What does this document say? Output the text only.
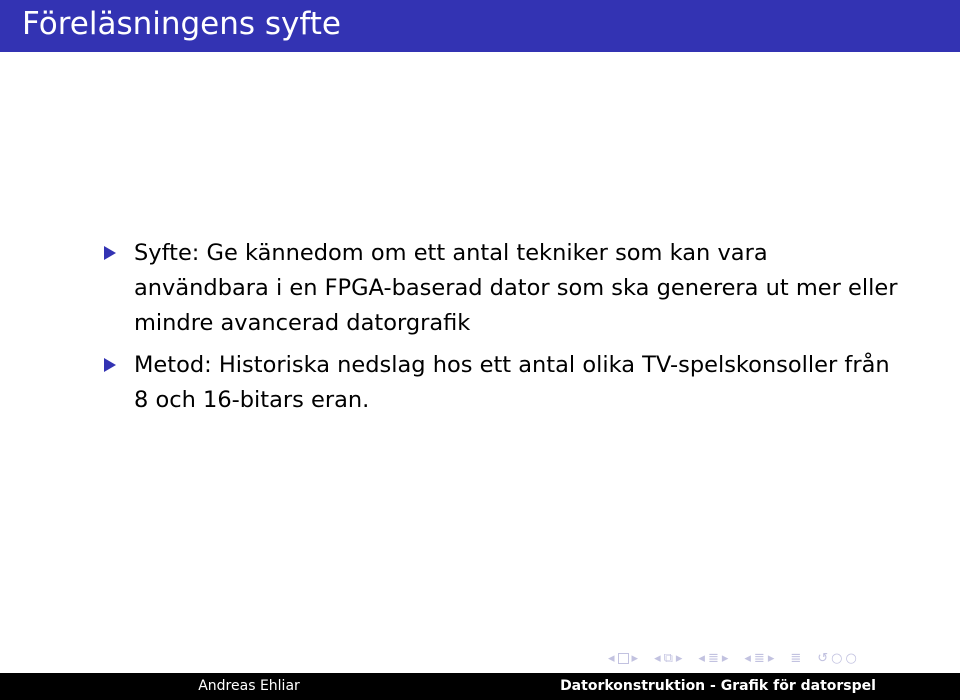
Föreläsningens syfte
Syfte: Ge kännedom om ett antal tekniker som kan vara användbara i en FPGA-baserad dator som ska generera ut mer eller mindre avancerad datorgrafik
Metod: Historiska nedslag hos ett antal olika TV-spelskonsoller från 8 och 16-bitars eran.
◂ ▸ ◂ ⧉ ▸ ◂ ≣ ▸ ◂ ≣ ▸ ≣ ↺ ○ ○
Andreas Ehliar	Datorkonstruktion - Grafik för datorspel
